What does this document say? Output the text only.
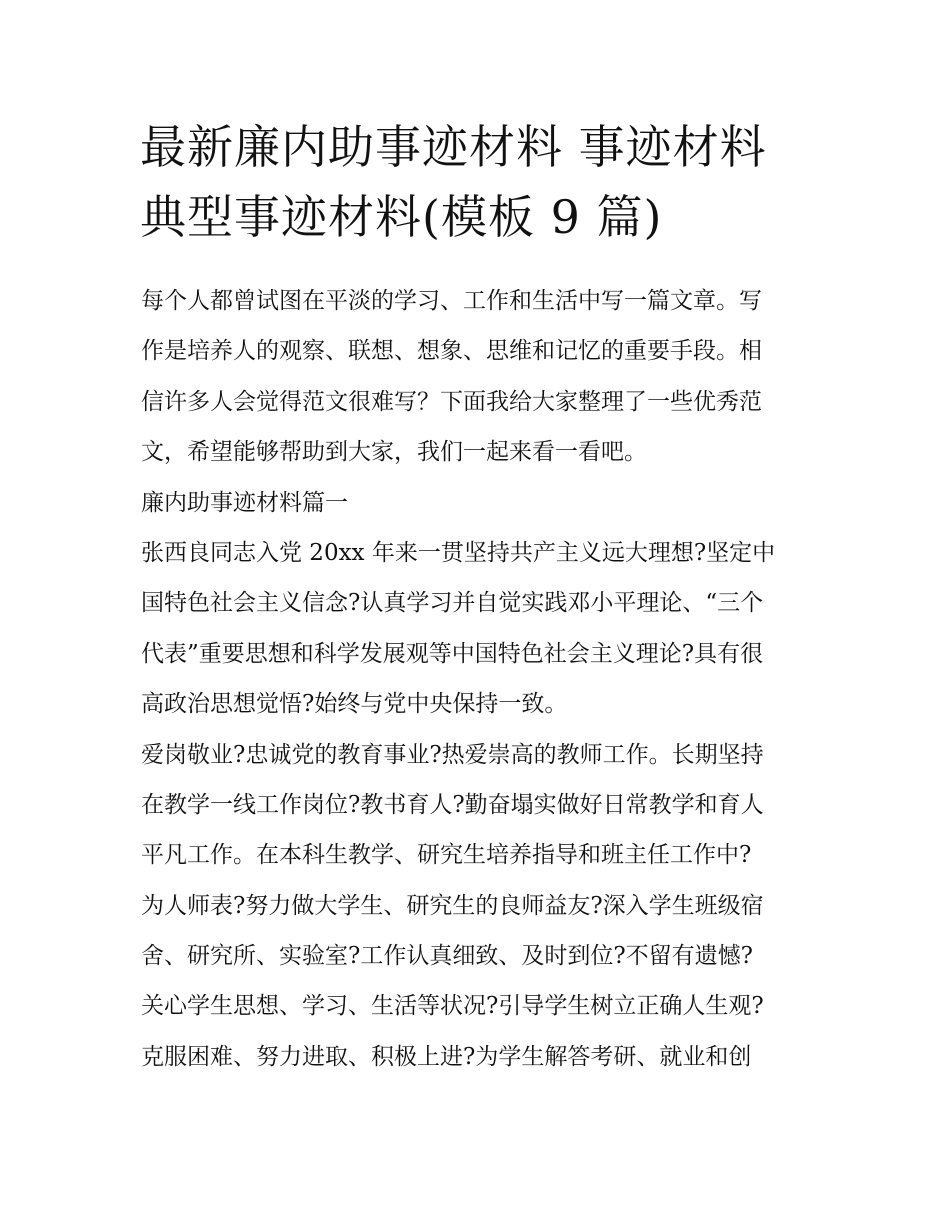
最新廉内助事迹材料 事迹材料
典型事迹材料(模板 9 篇)
每个人都曾试图在平淡的学习、工作和生活中写一篇文章。写
作是培养人的观察、联想、想象、思维和记忆的重要手段。相
信许多人会觉得范文很难写？下面我给大家整理了一些优秀范
文，希望能够帮助到大家，我们一起来看一看吧。
廉内助事迹材料篇一
张西良同志入党 20xx 年来一贯坚持共产主义远大理想?坚定中
国特色社会主义信念?认真学习并自觉实践邓小平理论、“三个
代表”重要思想和科学发展观等中国特色社会主义理论?具有很
高政治思想觉悟?始终与党中央保持一致。
爱岗敬业?忠诚党的教育事业?热爱崇高的教师工作。长期坚持
在教学一线工作岗位?教书育人?勤奋塌实做好日常教学和育人
平凡工作。在本科生教学、研究生培养指导和班主任工作中?
为人师表?努力做大学生、研究生的良师益友?深入学生班级宿
舍、研究所、实验室?工作认真细致、及时到位?不留有遗憾?
关心学生思想、学习、生活等状况?引导学生树立正确人生观?
克服困难、努力进取、积极上进?为学生解答考研、就业和创
